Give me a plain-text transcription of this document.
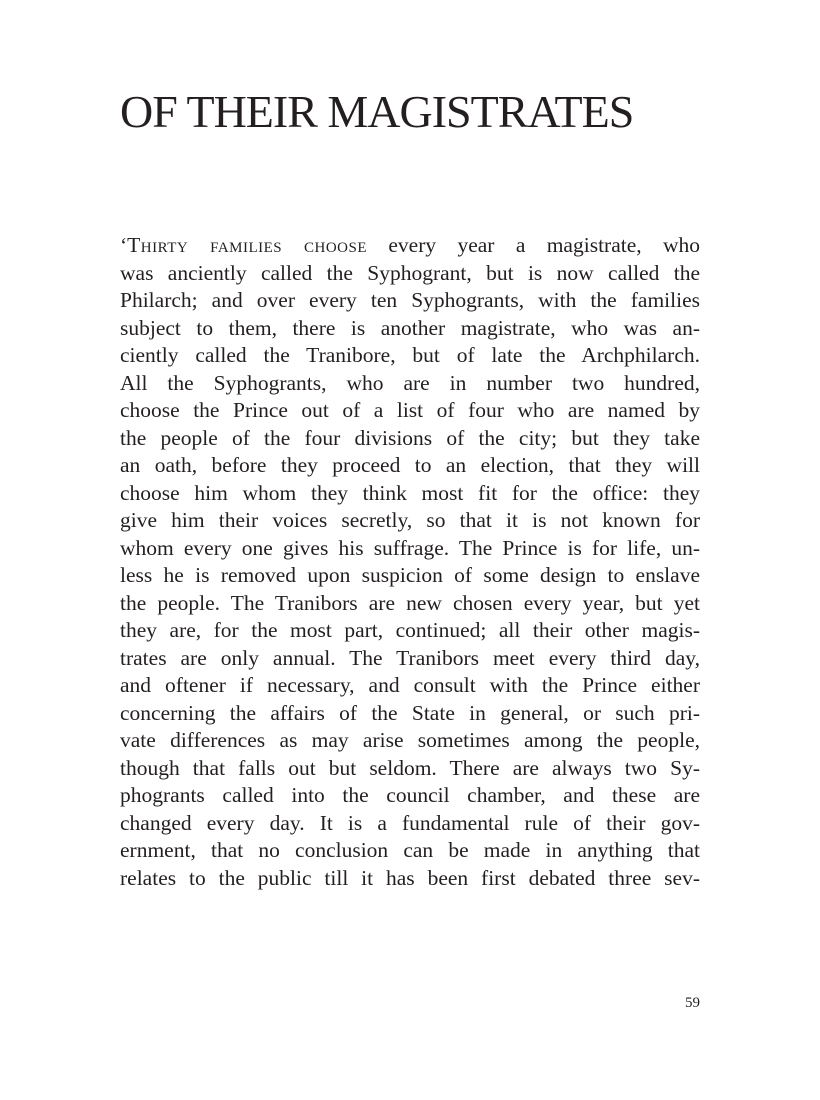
OF THEIR MAGISTRATES
‘Thirty families choose every year a magistrate, who
was anciently called the Syphogrant, but is now called the
Philarch; and over every ten Syphogrants, with the families
subject to them, there is another magistrate, who was an-
ciently called the Tranibore, but of late the Archphilarch.
All the Syphogrants, who are in number two hundred,
choose the Prince out of a list of four who are named by
the people of the four divisions of the city; but they take
an oath, before they proceed to an election, that they will
choose him whom they think most fit for the office: they
give him their voices secretly, so that it is not known for
whom every one gives his suffrage. The Prince is for life, un-
less he is removed upon suspicion of some design to enslave
the people. The Tranibors are new chosen every year, but yet
they are, for the most part, continued; all their other magis-
trates are only annual. The Tranibors meet every third day,
and oftener if necessary, and consult with the Prince either
concerning the affairs of the State in general, or such pri-
vate differences as may arise sometimes among the people,
though that falls out but seldom. There are always two Sy-
phogrants called into the council chamber, and these are
changed every day. It is a fundamental rule of their gov-
ernment, that no conclusion can be made in anything that
relates to the public till it has been first debated three sev-

59
